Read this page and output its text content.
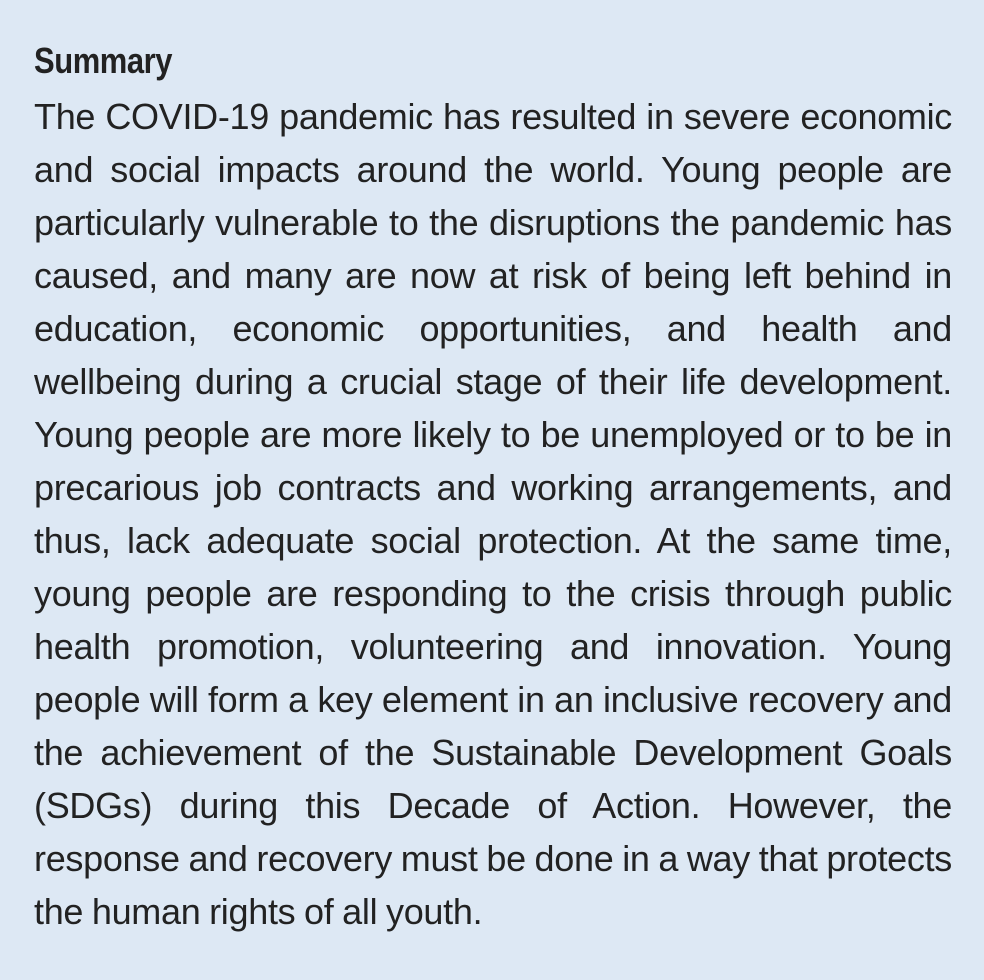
Summary

The COVID-19 pandemic has resulted in severe economic and social impacts around the world. Young people are particularly vulnerable to the disruptions the pandemic has caused, and many are now at risk of being left behind in education, economic opportunities, and health and wellbeing during a crucial stage of their life development. Young people are more likely to be unemployed or to be in precarious job contracts and working arrangements, and thus, lack adequate social protection. At the same time, young people are responding to the crisis through public health promotion, volunteering and innovation. Young people will form a key element in an inclusive recovery and the achievement of the Sustainable Development Goals (SDGs) during this Decade of Action. However, the response and recovery must be done in a way that protects the human rights of all youth.
